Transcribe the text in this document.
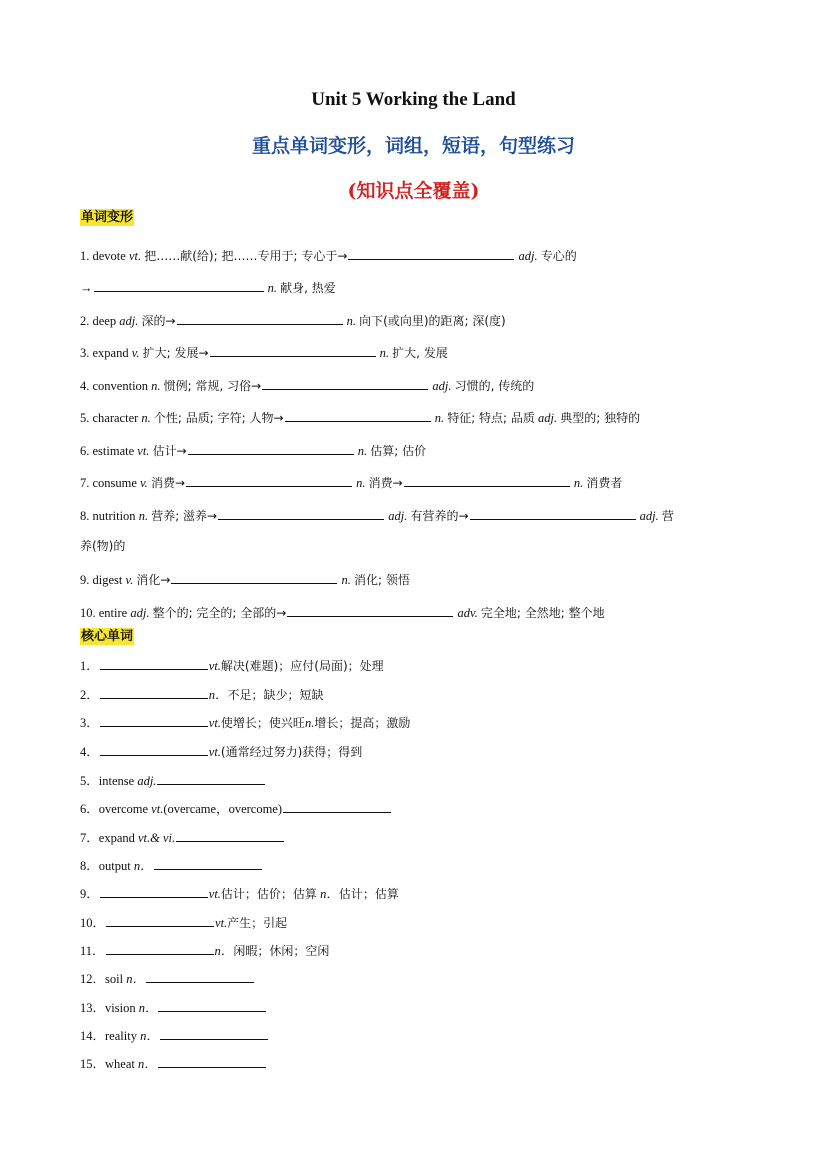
Unit 5 Working the Land
重点单词变形，词组，短语，句型练习
(知识点全覆盖)
单词变形
1. devote vt. 把……献(给); 把……专用于; 专心于→	adj. 专心的
→	n. 献身, 热爱
2. deep adj. 深的→	n. 向下(或向里)的距离; 深(度)
3. expand v. 扩大; 发展→	n. 扩大, 发展
4. convention n. 惯例; 常规, 习俗→	adj. 习惯的, 传统的
5. character n. 个性; 品质; 字符; 人物→	n. 特征; 特点; 品质 adj. 典型的; 独特的
6. estimate vt. 估计→	n. 估算; 估价
7. consume v. 消费→	n. 消费→	n. 消费者
8. nutrition n. 营养; 滋养→	adj. 有营养的→	adj. 营
养(物)的
9. digest v. 消化→	n. 消化; 领悟
10. entire adj. 整个的; 完全的; 全部的→	adv. 完全地; 全然地; 整个地
核心单词
1．	vt.解决(难题)；应付(局面)；处理
2．	n．不足；缺少；短缺
3．	vt.使增长；使兴旺n.增长；提高；激励
4．	vt.(通常经过努力)获得；得到
5．intense adj.
6．overcome vt.(overcame，overcome)
7．expand vt.& vi.
8．output n．
9．	vt.估计；估价；估算 n．估计；估算
10．	vt.产生；引起
11．	n．闲暇；休闲；空闲
12．soil n．
13．vision n．
14．reality n．
15．wheat n．
